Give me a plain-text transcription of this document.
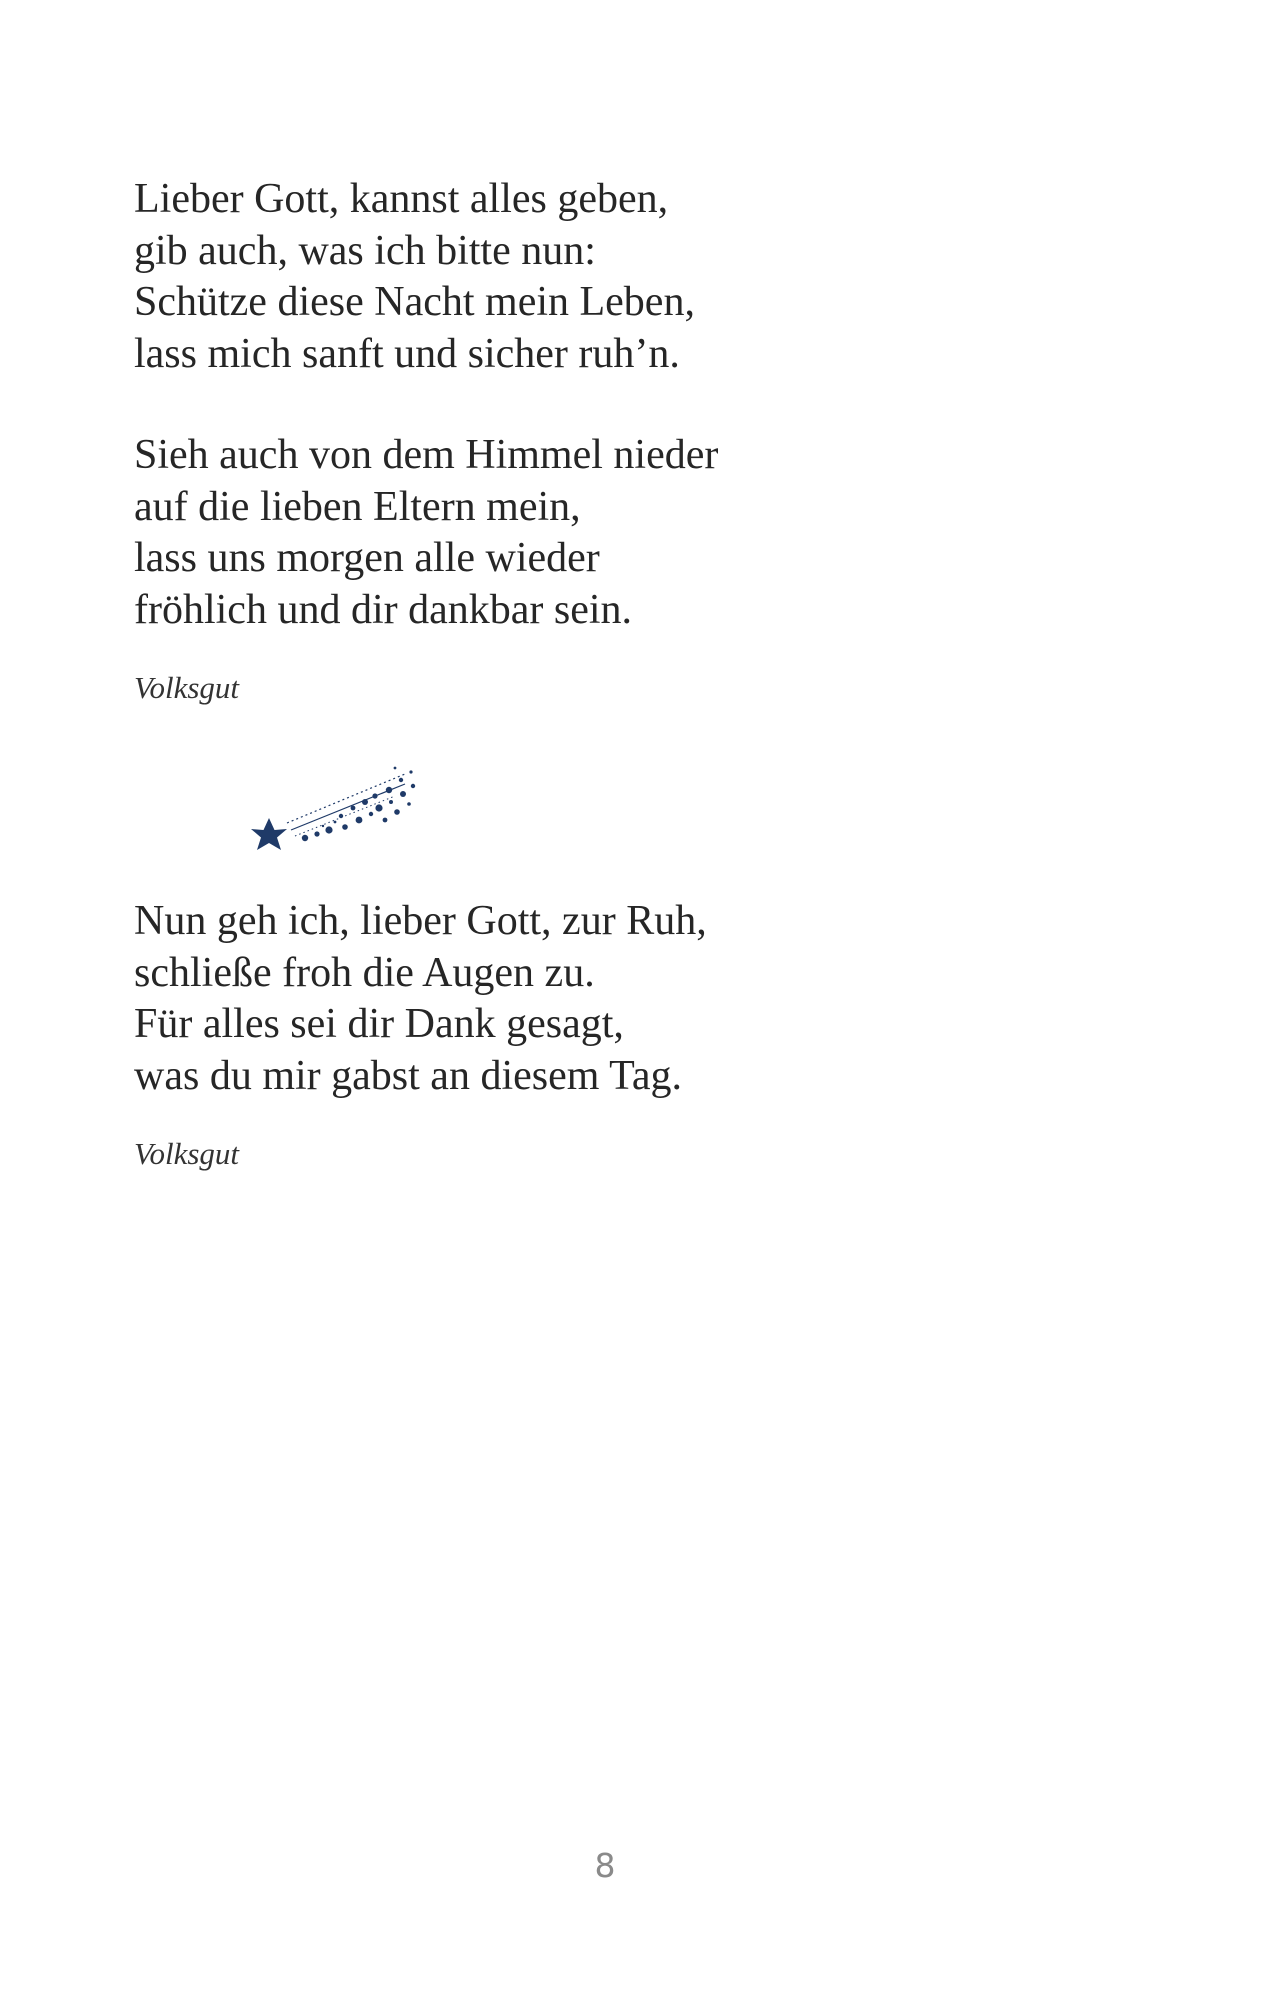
Lieber Gott, kannst alles geben,
gib auch, was ich bitte nun:
Schütze diese Nacht mein Leben,
lass mich sanft und sicher ruh’n.
Sieh auch von dem Himmel nieder
auf die lieben Eltern mein,
lass uns morgen alle wieder
fröhlich und dir dankbar sein.

Volksgut

Nun geh ich, lieber Gott, zur Ruh,
schließe froh die Augen zu.
Für alles sei dir Dank gesagt,
was du mir gabst an diesem Tag.

Volksgut

8
